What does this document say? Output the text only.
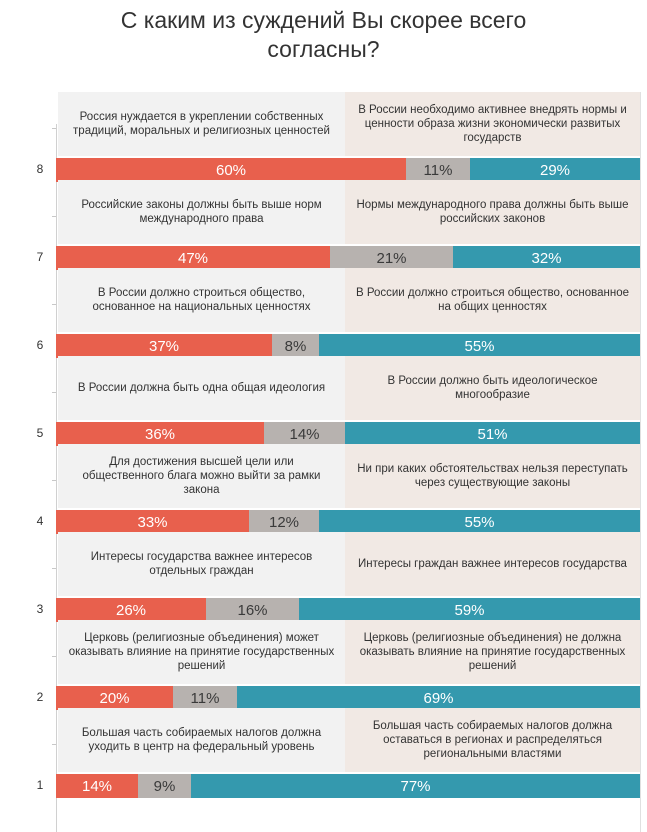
С каким из суждений Вы скорее всего
согласны?
Россия нуждается в укреплении собственных традиций, моральных и религиозных ценностей
В России необходимо активнее внедрять нормы и ценности образа жизни экономически развитых государств
60%	11%	29%
8
Российские законы должны быть выше норм международного права
Нормы международного права должны быть выше российских законов
47%	21%	32%
7
В России должно строиться общество, основанное на национальных ценностях
В России должно строиться общество, основанное на общих ценностях
37%	8%	55%
6
В России должна быть одна общая идеология
В России должно быть идеологическое многообразие
36%	14%	51%
5
Для достижения высшей цели или общественного блага можно выйти за рамки закона
Ни при каких обстоятельствах нельзя переступать через существующие законы
33%	12%	55%
4
Интересы государства важнее интересов отдельных граждан
Интересы граждан важнее интересов государства
26%	16%	59%
3
Церковь (религиозные объединения) может оказывать влияние на принятие государственных решений
Церковь (религиозные объединения) не должна оказывать влияние на принятие государственных решений
20%	11%	69%
2
Большая часть собираемых налогов должна уходить в центр на федеральный уровень
Большая часть собираемых налогов должна оставаться в регионах и распределяться региональными властями
14%	9%	77%
1
